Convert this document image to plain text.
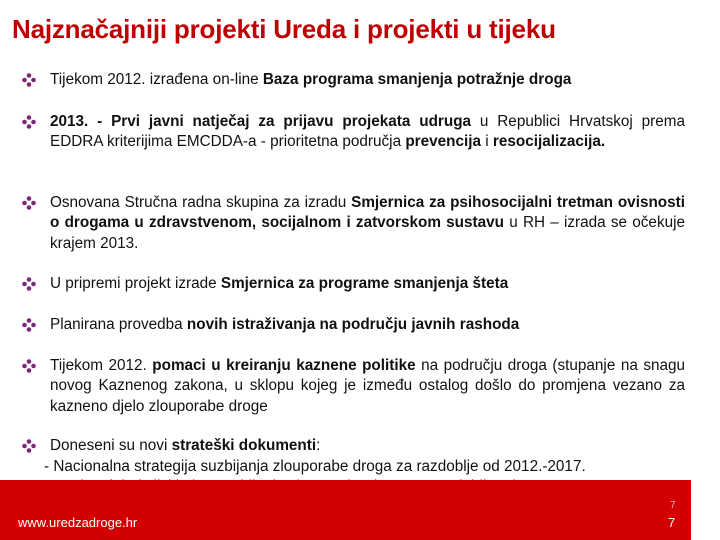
Najznačajniji projekti Ureda i projekti u tijeku
Tijekom 2012. izrađena on-line Baza programa smanjenja potražnje droga
2013. - Prvi javni natječaj za prijavu projekata udruga u Republici Hrvatskoj prema EDDRA kriterijima EMCDDA-a - prioritetna područja prevencija i resocijalizacija.
Osnovana Stručna radna skupina za izradu Smjernica za psihosocijalni tretman ovisnosti o drogama u zdravstvenom, socijalnom i zatvorskom sustavu u RH – izrada se očekuje krajem 2013.
U pripremi projekt izrade Smjernica za programe smanjenja šteta
Planirana provedba novih istraživanja na području javnih rashoda
Tijekom 2012. pomaci u kreiranju kaznene politike na području droga (stupanje na snagu novog Kaznenog zakona, u sklopu kojeg je između ostalog došlo do promjena vezano za kazneno djelo zlouporabe droge
Doneseni su novi strateški dokumenti:
- Nacionalna strategija suzbijanja zlouporabe droga za razdoblje od 2012.-2017.
www.uredzadroge.hr
7
7
